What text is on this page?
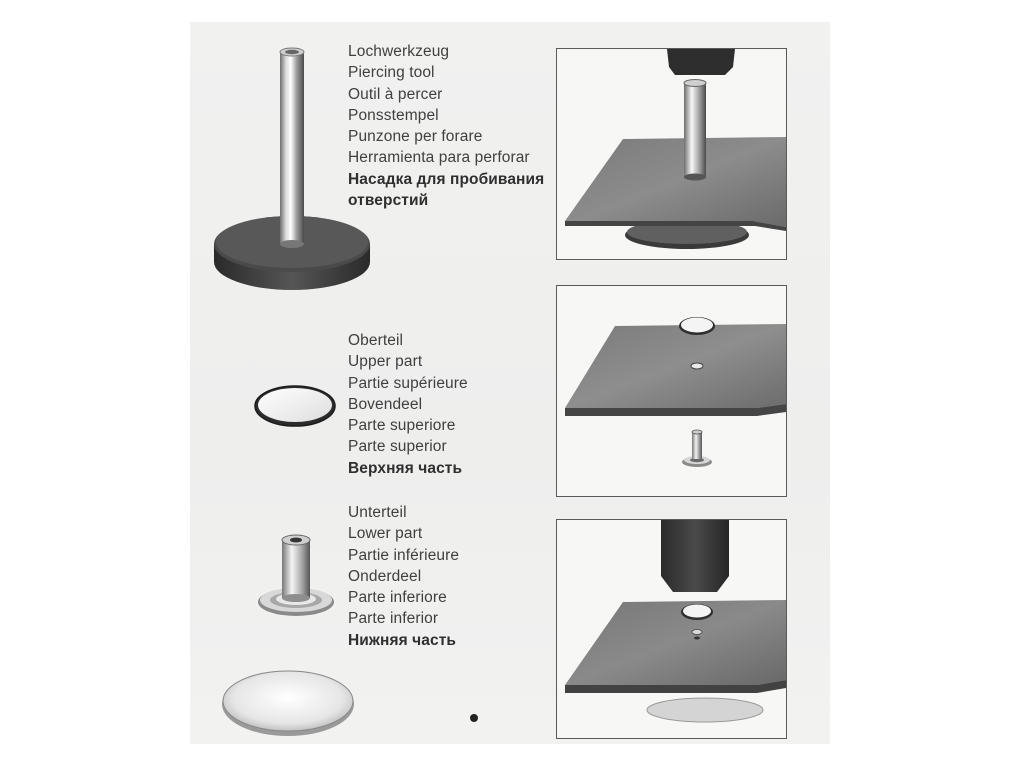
Lochwerkzeug
Piercing tool
Outil à percer
Ponsstempel
Punzone per forare
Herramienta para perforar
Насадка для пробивания
отверстий
Oberteil
Upper part
Partie supérieure
Bovendeel
Parte superiore
Parte superior
Верхняя часть
Unterteil
Lower part
Partie inférieure
Onderdeel
Parte inferiore
Parte inferior
Нижняя часть
